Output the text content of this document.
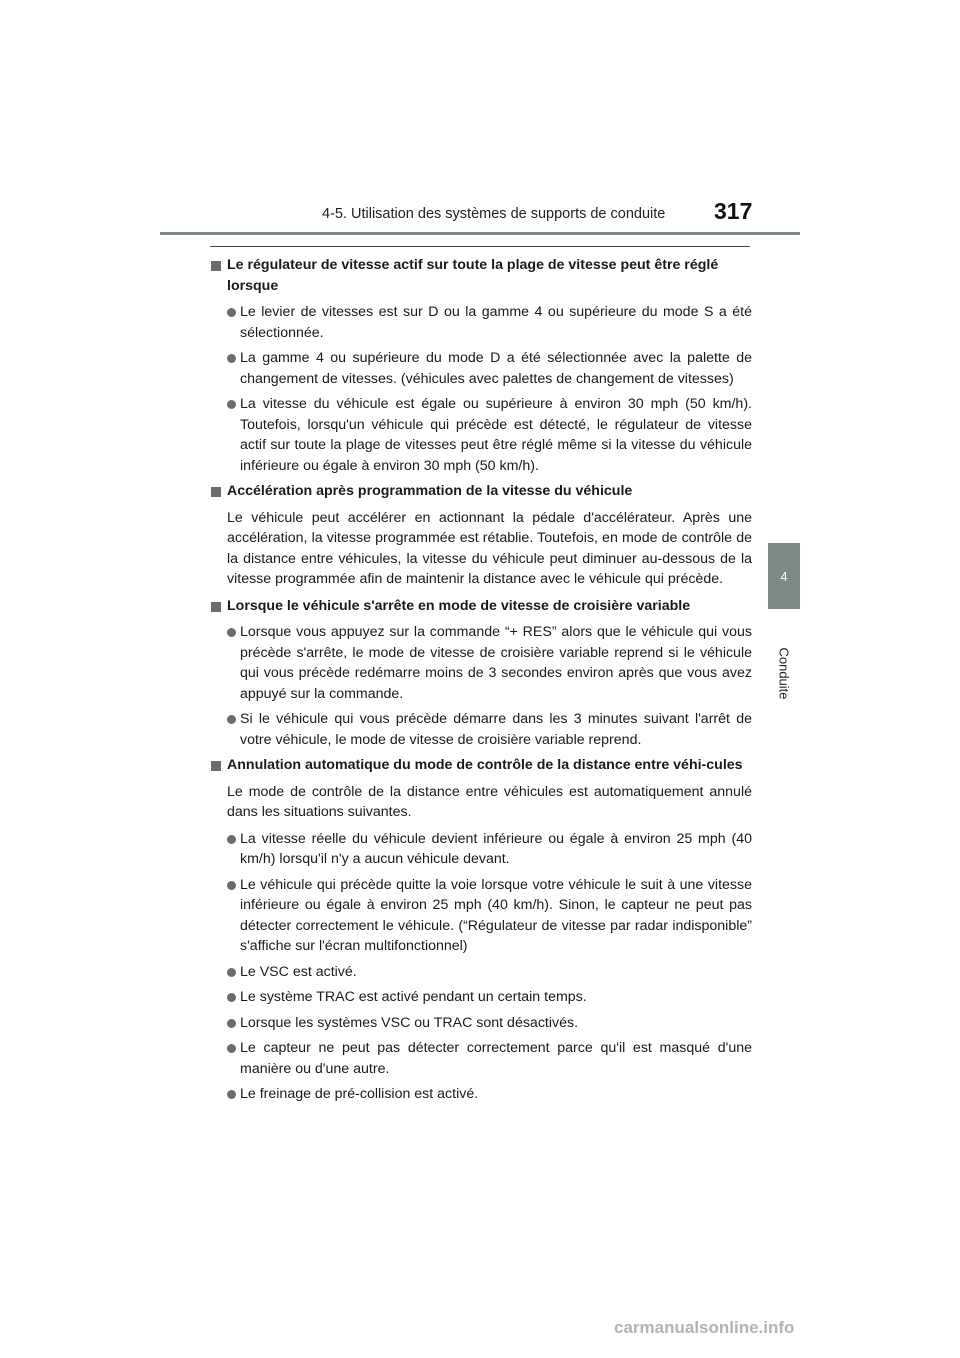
4-5. Utilisation des systèmes de supports de conduite 317
4
Conduite
Le régulateur de vitesse actif sur toute la plage de vitesse peut être réglé lorsque
Le levier de vitesses est sur D ou la gamme 4 ou supérieure du mode S a été sélectionnée.
La gamme 4 ou supérieure du mode D a été sélectionnée avec la palette de changement de vitesses. (véhicules avec palettes de changement de vitesses)
La vitesse du véhicule est égale ou supérieure à environ 30 mph (50 km/h). Toutefois, lorsqu'un véhicule qui précède est détecté, le régulateur de vitesse actif sur toute la plage de vitesses peut être réglé même si la vitesse du véhicule inférieure ou égale à environ 30 mph (50 km/h).
Accélération après programmation de la vitesse du véhicule
Le véhicule peut accélérer en actionnant la pédale d'accélérateur. Après une accélération, la vitesse programmée est rétablie. Toutefois, en mode de contrôle de la distance entre véhicules, la vitesse du véhicule peut diminuer au-dessous de la vitesse programmée afin de maintenir la distance avec le véhicule qui précède.
Lorsque le véhicule s'arrête en mode de vitesse de croisière variable
Lorsque vous appuyez sur la commande “+ RES” alors que le véhicule qui vous précède s'arrête, le mode de vitesse de croisière variable reprend si le véhicule qui vous précède redémarre moins de 3 secondes environ après que vous avez appuyé sur la commande.
Si le véhicule qui vous précède démarre dans les 3 minutes suivant l'arrêt de votre véhicule, le mode de vitesse de croisière variable reprend.
Annulation automatique du mode de contrôle de la distance entre véhi-cules
Le mode de contrôle de la distance entre véhicules est automatiquement annulé dans les situations suivantes.
La vitesse réelle du véhicule devient inférieure ou égale à environ 25 mph (40 km/h) lorsqu'il n'y a aucun véhicule devant.
Le véhicule qui précède quitte la voie lorsque votre véhicule le suit à une vitesse inférieure ou égale à environ 25 mph (40 km/h). Sinon, le capteur ne peut pas détecter correctement le véhicule. (“Régulateur de vitesse par radar indisponible” s'affiche sur l'écran multifonctionnel)
Le VSC est activé.
Le système TRAC est activé pendant un certain temps.
Lorsque les systèmes VSC ou TRAC sont désactivés.
Le capteur ne peut pas détecter correctement parce qu'il est masqué d'une manière ou d'une autre.
Le freinage de pré-collision est activé.
carmanualsonline.info
